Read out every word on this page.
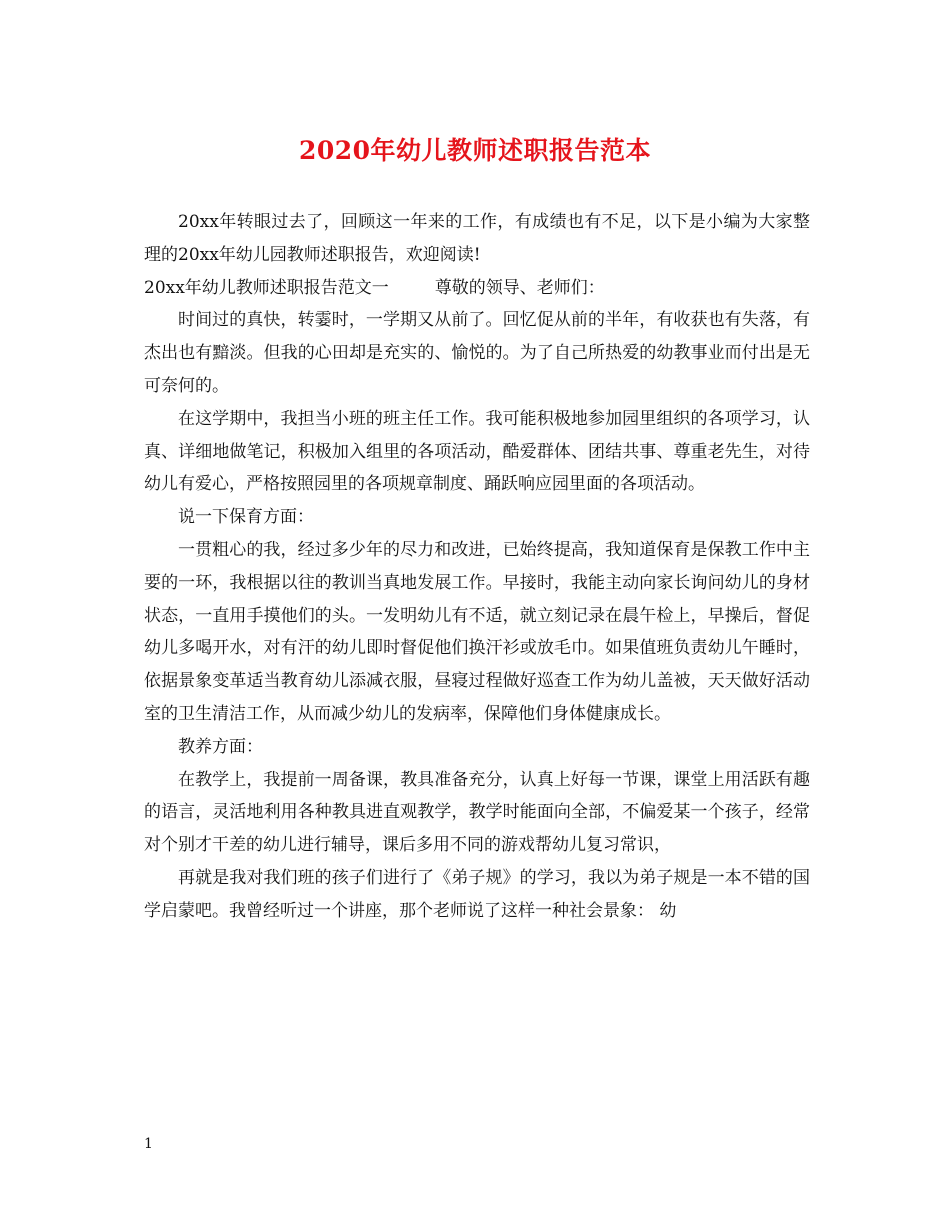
2020年幼儿教师述职报告范本

20xx年转眼过去了，回顾这一年来的工作，有成绩也有不足，以下是小编为大家整理的20xx年幼儿园教师述职报告，欢迎阅读!

20xx年幼儿教师述职报告范文一	尊敬的领导、老师们：

时间过的真快，转霎时，一学期又从前了。回忆促从前的半年，有收获也有失落，有杰出也有黯淡。但我的心田却是充实的、愉悦的。为了自己所热爱的幼教事业而付出是无可奈何的。

在这学期中，我担当小班的班主任工作。我可能积极地参加园里组织的各项学习，认真、详细地做笔记，积极加入组里的各项活动，酷爱群体、团结共事、尊重老先生，对待幼儿有爱心，严格按照园里的各项规章制度、踊跃响应园里面的各项活动。

说一下保育方面：

一贯粗心的我，经过多少年的尽力和改进，已始终提高，我知道保育是保教工作中主要的一环，我根据以往的教训当真地发展工作。早接时，我能主动向家长询问幼儿的身材状态，一直用手摸他们的头。一发明幼儿有不适，就立刻记录在晨午检上，早操后，督促幼儿多喝开水，对有汗的幼儿即时督促他们换汗衫或放毛巾。如果值班负责幼儿午睡时，依据景象变革适当教育幼儿添减衣服，昼寝过程做好巡查工作为幼儿盖被，天天做好活动室的卫生清洁工作，从而减少幼儿的发病率，保障他们身体健康成长。

教养方面：

在教学上，我提前一周备课，教具准备充分，认真上好每一节课，课堂上用活跃有趣的语言，灵活地利用各种教具进直观教学，教学时能面向全部，不偏爱某一个孩子，经常对个别才干差的幼儿进行辅导，课后多用不同的游戏帮幼儿复习常识，

再就是我对我们班的孩子们进行了《弟子规》的学习，我以为弟子规是一本不错的国学启蒙吧。我曾经听过一个讲座，那个老师说了这样一种社会景象： 幼

1
